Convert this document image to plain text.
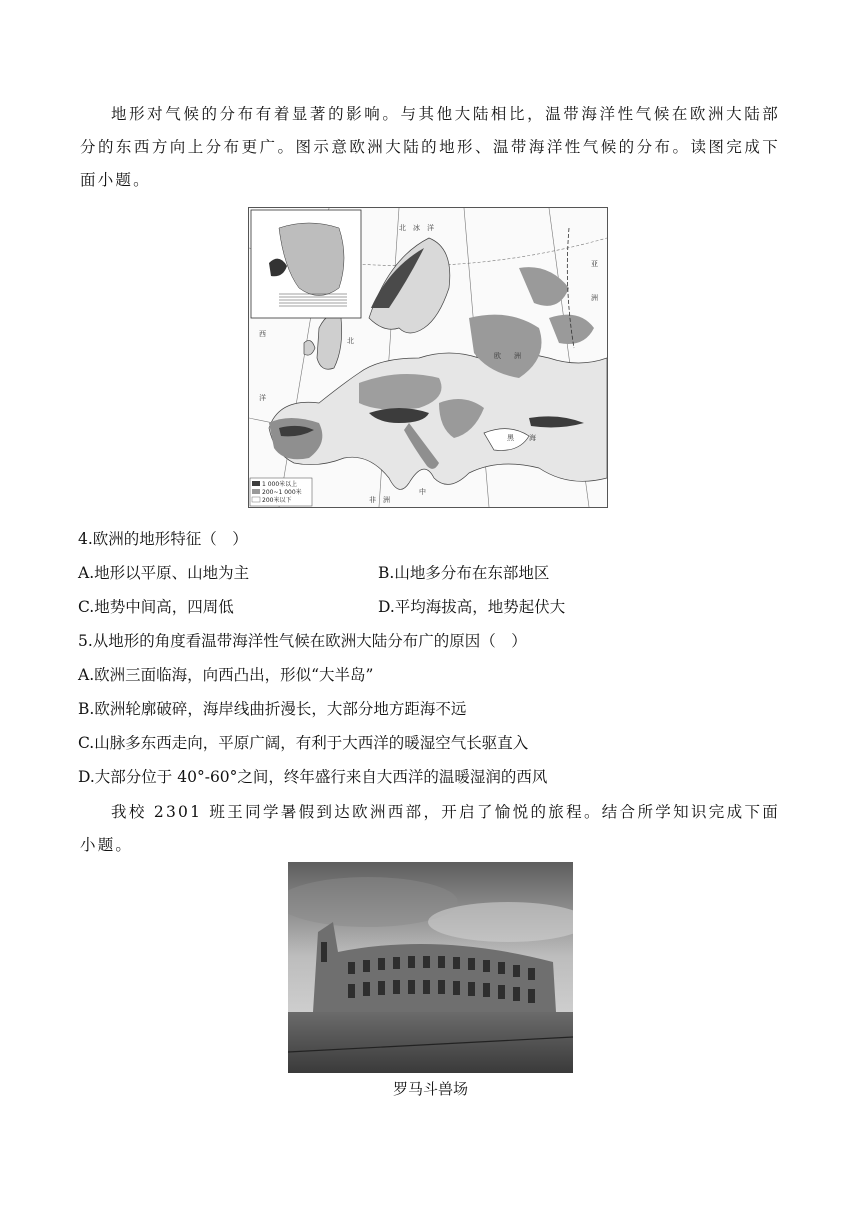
地形对气候的分布有着显著的影响。与其他大陆相比，温带海洋性气候在欧洲大陆部分的东西方向上分布更广。图示意欧洲大陆的地形、温带海洋性气候的分布。读图完成下面小题。
北　冰　洋
西
洋
欧 洲
亚
洲
北
黑 海
非　洲
中
1 000米以上
200~1 000米
200米以下
4.欧洲的地形特征（　）
A.地形以平原、山地为主	B.山地多分布在东部地区
C.地势中间高，四周低	D.平均海拔高，地势起伏大
5.从地形的角度看温带海洋性气候在欧洲大陆分布广的原因（　）
A.欧洲三面临海，向西凸出，形似“大半岛”
B.欧洲轮廓破碎，海岸线曲折漫长，大部分地方距海不远
C.山脉多东西走向，平原广阔，有利于大西洋的暖湿空气长驱直入
D.大部分位于 40°-60°之间，终年盛行来自大西洋的温暖湿润的西风
我校 2301 班王同学暑假到达欧洲西部，开启了愉悦的旅程。结合所学知识完成下面小题。
罗马斗兽场
